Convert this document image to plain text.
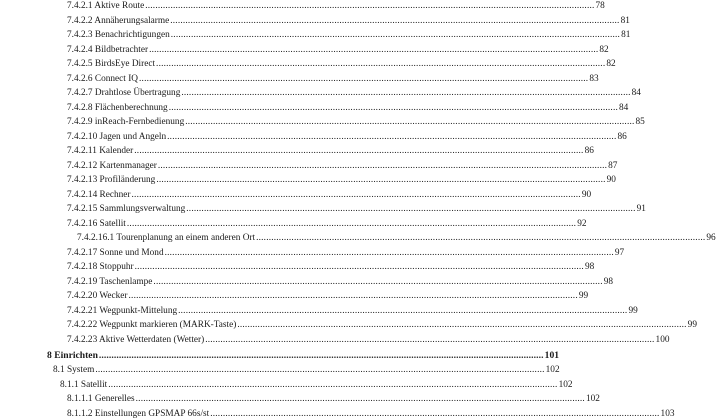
7.4.2.1 Aktive Route .....	78
7.4.2.2 Annäherungsalarme .....	81
7.4.2.3 Benachrichtigungen .....	81
7.4.2.4 Bildbetrachter .....	82
7.4.2.5 BirdsEye Direct .....	82
7.4.2.6 Connect IQ .....	83
7.4.2.7 Drahtlose Übertragung .....	84
7.4.2.8 Flächenberechnung .....	84
7.4.2.9 inReach-Fernbedienung .....	85
7.4.2.10 Jagen und Angeln .....	86
7.4.2.11 Kalender .....	86
7.4.2.12 Kartenmanager .....	87
7.4.2.13 Profiländerung .....	90
7.4.2.14 Rechner .....	90
7.4.2.15 Sammlungsverwaltung .....	91
7.4.2.16 Satellit .....	92
7.4.2.16.1 Tourenplanung an einem anderen Ort .....	96
7.4.2.17 Sonne und Mond .....	97
7.4.2.18 Stoppuhr .....	98
7.4.2.19 Taschenlampe .....	98
7.4.2.20 Wecker .....	99
7.4.2.21 Wegpunkt-Mittelung .....	99
7.4.2.22 Wegpunkt markieren (MARK-Taste) .....	99
7.4.2.23 Aktive Wetterdaten (Wetter) .....	100
8 Einrichten .....	101
8.1 System .....	102
8.1.1 Satellit .....	102
8.1.1.1 Generelles .....	102
8.1.1.2 Einstellungen GPSMAP 66s/st .....	103
